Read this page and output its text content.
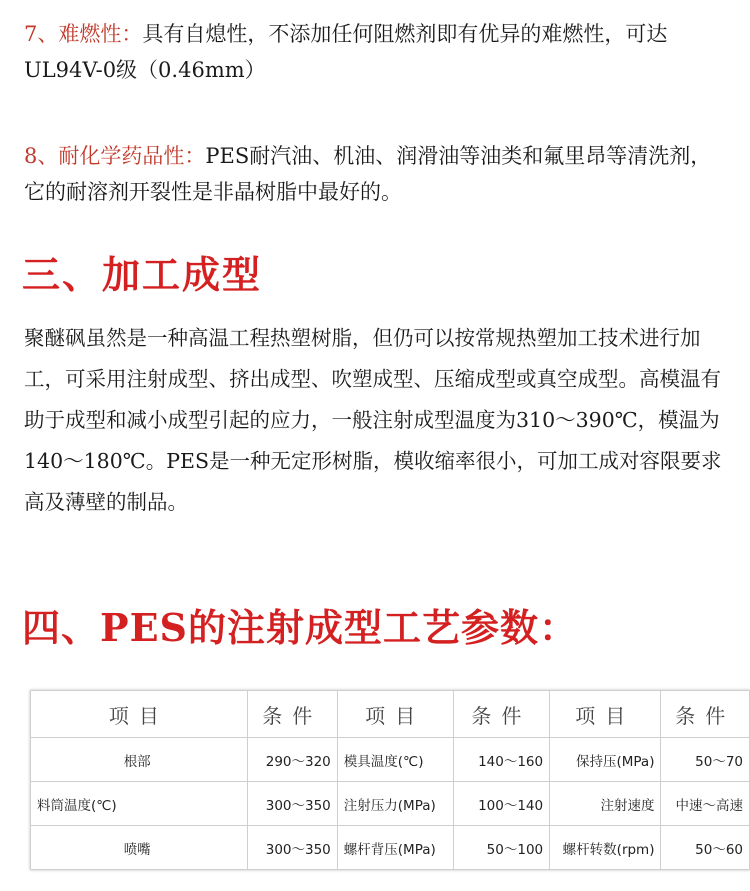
7、难燃性：具有自熄性，不添加任何阻燃剂即有优异的难燃性，可达UL94V-0级（0.46mm）

8、耐化学药品性：PES耐汽油、机油、润滑油等油类和氟里昂等清洗剂，它的耐溶剂开裂性是非晶树脂中最好的。

三、加工成型

聚醚砜虽然是一种高温工程热塑树脂，但仍可以按常规热塑加工技术进行加工，可采用注射成型、挤出成型、吹塑成型、压缩成型或真空成型。高模温有助于成型和减小成型引起的应力，一般注射成型温度为310～390℃，模温为140～180℃。PES是一种无定形树脂，模收缩率很小，可加工成对容限要求高及薄壁的制品。

四、PES的注射成型工艺参数：
项目	条件	项目	条件	项目	条件
根部	290～320	模具温度(℃)	140～160	保持压(MPa)	50～70
料筒温度(℃)	300～350	注射压力(MPa)	100～140	注射速度	中速～高速
喷嘴	300～350	螺杆背压(MPa)	50～100	螺杆转数(rpm)	50～60
